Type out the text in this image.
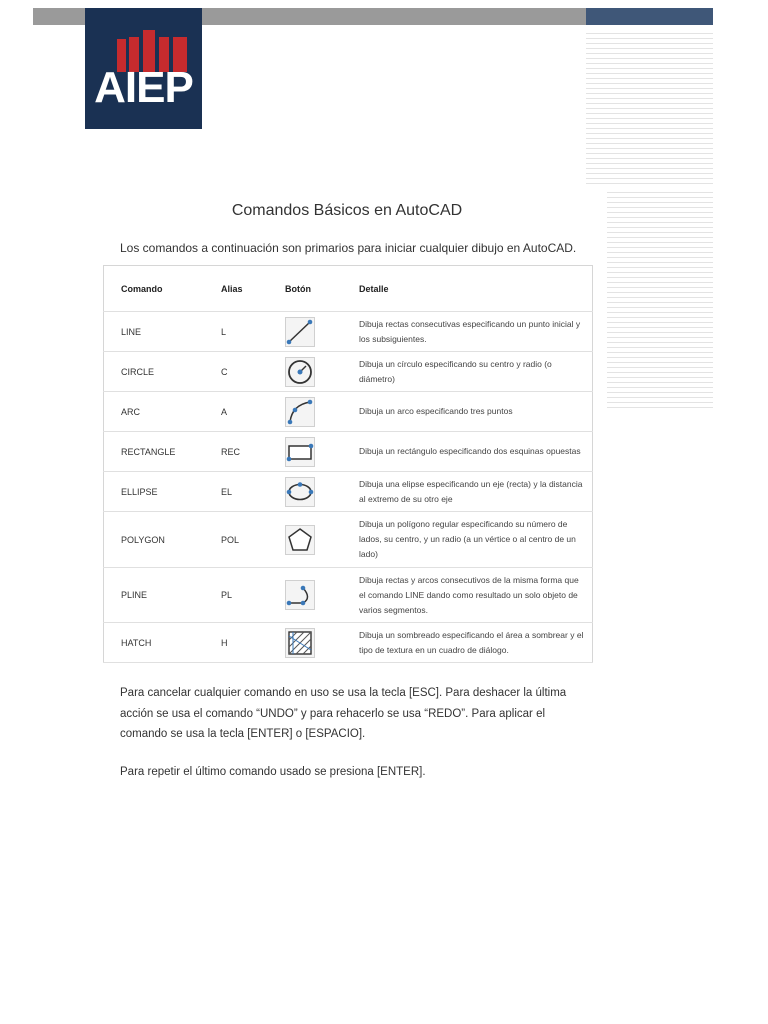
AIEP
Comandos Básicos en AutoCAD
Los comandos a continuación son primarios para iniciar cualquier dibujo en AutoCAD.
Comando	Alias	Botón	Detalle
LINE	L		Dibuja rectas consecutivas especificando un punto inicial y los subsiguientes.
CIRCLE	C		Dibuja un círculo especificando su centro y radio (o diámetro)
ARC	A		Dibuja un arco especificando tres puntos
RECTANGLE	REC		Dibuja un rectángulo especificando dos esquinas opuestas
ELLIPSE	EL		Dibuja una elipse especificando un eje (recta) y la distancia al extremo de su otro eje
POLYGON	POL		Dibuja un polígono regular especificando su número de lados, su centro, y un radio (a un vértice o al centro de un lado)
PLINE	PL		Dibuja rectas y arcos consecutivos de la misma forma que el comando LINE dando como resultado un solo objeto de varios segmentos.
HATCH	H		Dibuja un sombreado especificando el área a sombrear y el tipo de textura en un cuadro de diálogo.
Para cancelar cualquier comando en uso se usa la tecla [ESC]. Para deshacer la última acción se usa el comando “UNDO” y para rehacerlo se usa “REDO”. Para aplicar el comando se usa la tecla [ENTER] o [ESPACIO].
Para repetir el último comando usado se presiona [ENTER].
